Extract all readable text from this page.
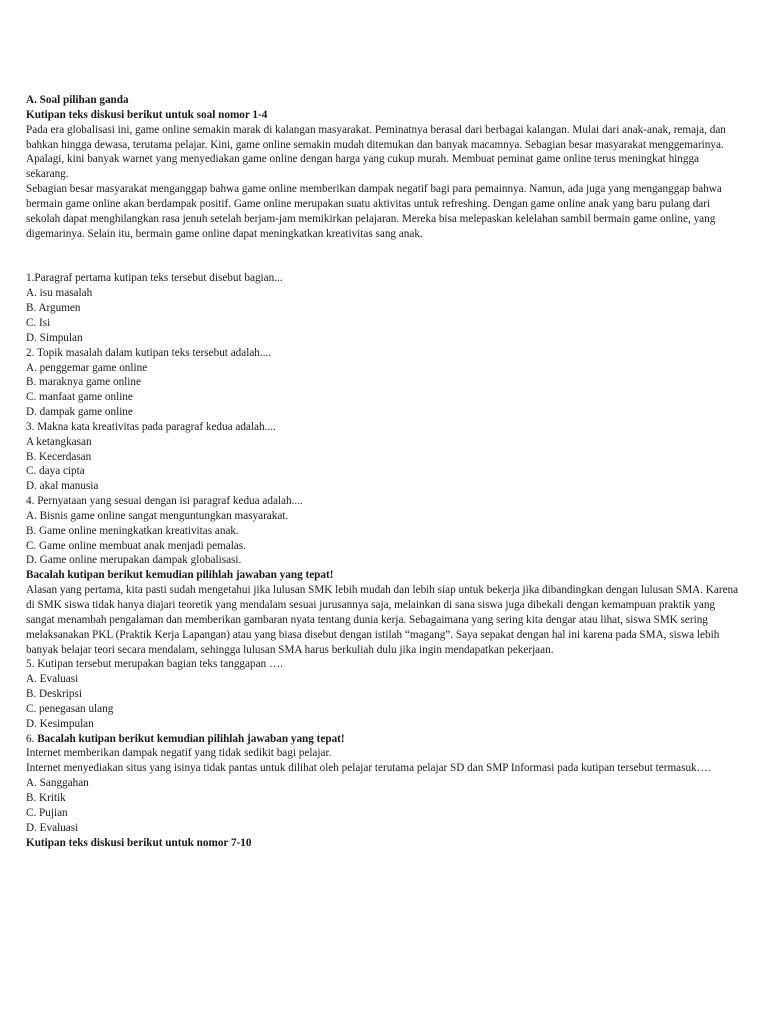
A. Soal pilihan ganda
Kutipan teks diskusi berikut untuk soal nomor 1-4
Pada era globalisasi ini, game online semakin marak di kalangan masyarakat. Peminatnya berasal dari berbagai kalangan. Mulai dari anak-anak, remaja, dan bahkan hingga dewasa, terutama pelajar. Kini, game online semakin mudah ditemukan dan banyak macamnya. Sebagian besar masyarakat menggemarinya. Apalagi, kini banyak warnet yang menyediakan game online dengan harga yang cukup murah. Membuat peminat game online terus meningkat hingga sekarang.
Sebagian besar masyarakat menganggap bahwa game online memberikan dampak negatif bagi para pemainnya. Namun, ada juga yang menganggap bahwa bermain game online akan berdampak positif. Game online merupakan suatu aktivitas untuk refreshing. Dengan game online anak yang baru pulang dari sekolah dapat menghilangkan rasa jenuh setelah berjam-jam memikirkan pelajaran. Mereka bisa melepaskan kelelahan sambil bermain game online, yang digemarinya. Selain itu, bermain game online dapat meningkatkan kreativitas sang anak.
1.Paragraf pertama kutipan teks tersebut disebut bagian...
A. isu masalah
B. Argumen
C. Isi
D. Simpulan
2. Topik masalah dalam kutipan teks tersebut adalah....
A. penggemar game online
B. maraknya game online
C. manfaat game online
D. dampak game online
3. Makna kata kreativitas pada paragraf kedua adalah....
A ketangkasan
B. Kecerdasan
C. daya cipta
D. akal manusia
4. Pernyataan yang sesuai dengan isi paragraf kedua adalah....
A. Bisnis game online sangat menguntungkan masyarakat.
B. Game online meningkatkan kreativitas anak.
C. Game online membuat anak menjadi pemalas.
D. Game online merupakan dampak globalisasi.
Bacalah kutipan berikut kemudian pilihlah jawaban yang tepat!
Alasan yang pertama, kita pasti sudah mengetahui jika lulusan SMK lebih mudah dan lebih siap untuk bekerja jika dibandingkan dengan lulusan SMA. Karena di SMK siswa tidak hanya diajari teoretik yang mendalam sesuai jurusannya saja, melainkan di sana siswa juga dibekali dengan kemampuan praktik yang sangat menambah pengalaman dan memberikan gambaran nyata tentang dunia kerja. Sebagaimana yang sering kita dengar atau lihat, siswa SMK sering melaksanakan PKL (Praktik Kerja Lapangan) atau yang biasa disebut dengan istilah “magang”. Saya sepakat dengan hal ini karena pada SMA, siswa lebih banyak belajar teori secara mendalam, sehingga lulusan SMA harus berkuliah dulu jika ingin mendapatkan pekerjaan.
5. Kutipan tersebut merupakan bagian teks tanggapan ….
A. Evaluasi
B. Deskripsi
C. penegasan ulang
D. Kesimpulan
6. Bacalah kutipan berikut kemudian pilihlah jawaban yang tepat!
Internet memberikan dampak negatif yang tidak sedikit bagi pelajar.
Internet menyediakan situs yang isinya tidak pantas untuk dilihat oleh pelajar terutama pelajar SD dan SMP Informasi pada kutipan tersebut termasuk….
A. Sanggahan
B. Kritik
C. Pujian
D. Evaluasi
Kutipan teks diskusi berikut untuk nomor 7-10
